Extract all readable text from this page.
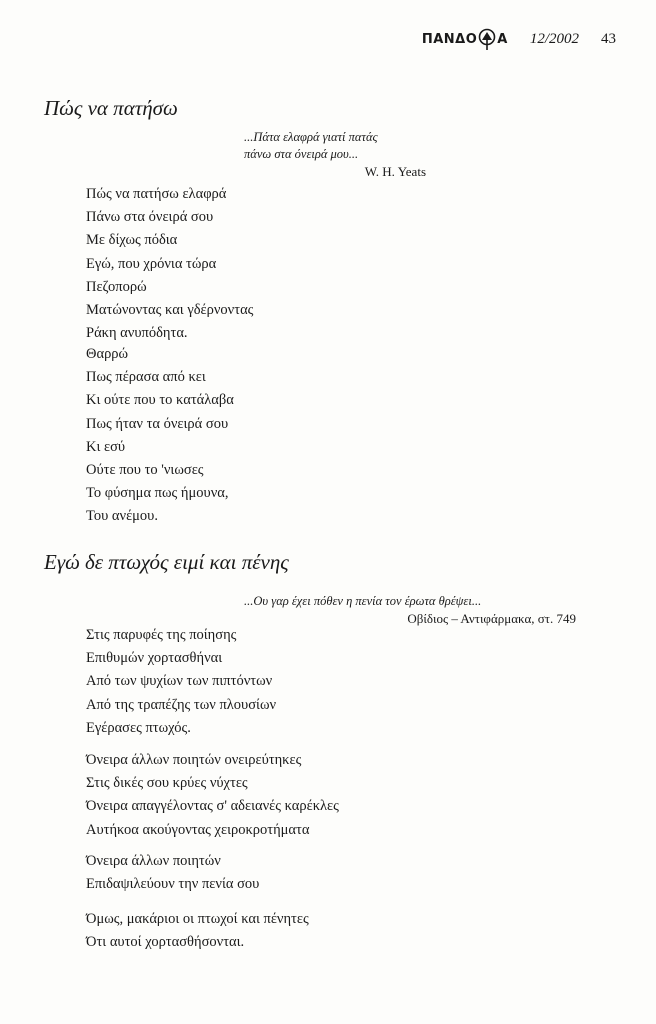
ΠΑΝΔΟ Α 12/2002 43
Πώς να πατήσω
...Πάτα ελαφρά γιατί πατάς
πάνω στα όνειρά μου...
W. H. Yeats
Πώς να πατήσω ελαφρά
Πάνω στα όνειρά σου
Με δίχως πόδια
Εγώ, που χρόνια τώρα
Πεζοπορώ
Ματώνοντας και γδέρνοντας
Ράκη ανυπόδητα.
Θαρρώ
Πως πέρασα από κει
Κι ούτε που το κατάλαβα
Πως ήταν τα όνειρά σου
Κι εσύ
Ούτε που το 'νιωσες
Το φύσημα πως ήμουνα,
Του ανέμου.
Εγώ δε πτωχός ειμί και πένης
...Ου γαρ έχει πόθεν η πενία τον έρωτα θρέψει...
Οβίδιος – Αντιφάρμακα, στ. 749
Στις παρυφές της ποίησης
Επιθυμών χορτασθήναι
Από των ψυχίων των πιπτόντων
Από της τραπέζης των πλουσίων
Εγέρασες πτωχός.
Όνειρα άλλων ποιητών ονειρεύτηκες
Στις δικές σου κρύες νύχτες
Όνειρα απαγγέλοντας σ' αδειανές καρέκλες
Αυτήκοα ακούγοντας χειροκροτήματα
Όνειρα άλλων ποιητών
Επιδαψιλεύουν την πενία σου
Όμως, μακάριοι οι πτωχοί και πένητες
Ότι αυτοί χορτασθήσονται.
